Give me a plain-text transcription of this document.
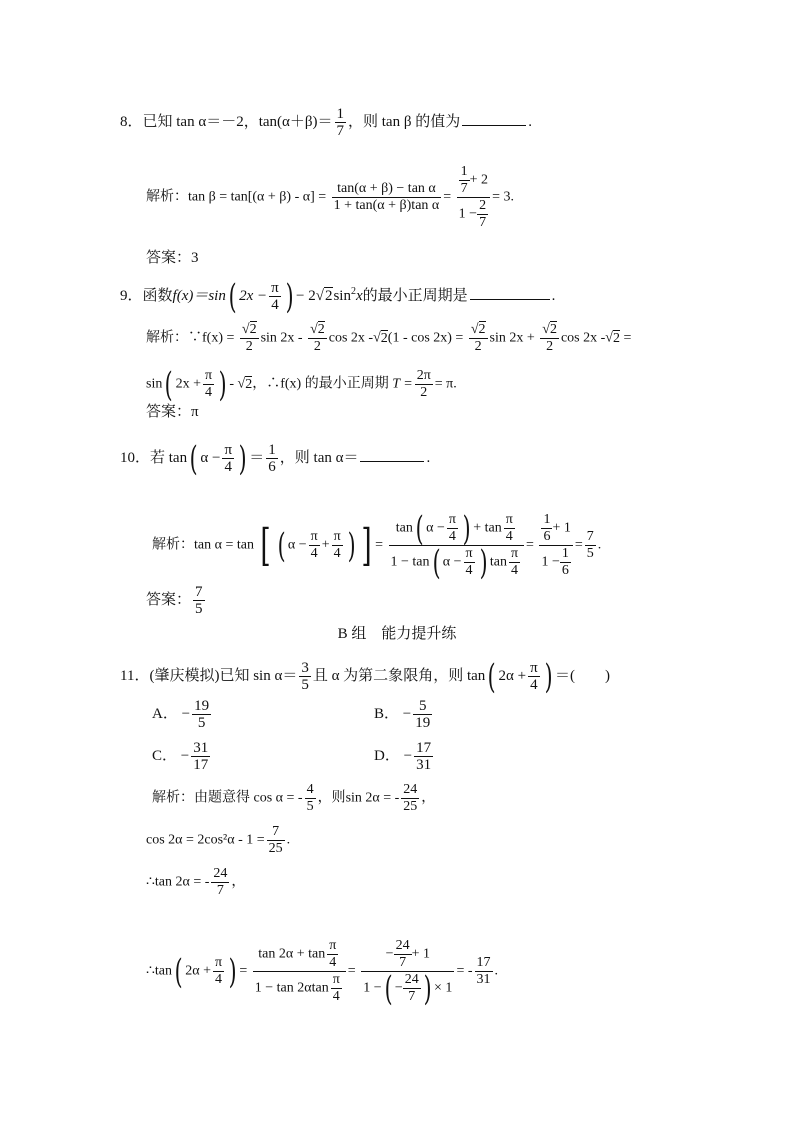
8．已知 tan α＝－2，$\tan(\alpha+\beta)= \frac{1}{7}$ ，则 tan β 的值为	.
解析：$\tan \beta = \tan[(\alpha + \beta) - \alpha] = \frac{\text{tan(α + β) − tan α}}{\text{1 + tan(α + β)tan α}} = \frac{\frac{1}{7} + 2}{1 - \frac{2}{7}} = 3$.
答案：3
9．函数f(x)＝sin( $2x - \frac{\pi}{4}$ ) − $2√2\sin^2x$的最小正周期是	.
解析：∵f(x) = $\frac{√2}{2}$ $\sin 2x - \frac{√2}{2}$ cos 2x $-√2(1 - \cos 2x) = \frac{√2}{2}$ $\sin 2x + \frac{√2}{2}$ cos 2x -√2 =
sin( $2x + \frac{\pi}{4}$ ) - √2，∴f(x) 的最小正周期 $T = \frac{2\pi}{2} = \pi$.
答案：π
10．若 tan( $\alpha - \frac{\pi}{4}$ ) ＝ $\frac{1}{6}$ ，则 tan α＝	.
解析：tan α = tan [ ( $\alpha - \frac{\pi}{4} + \frac{\pi}{4}$ ) ] = $\frac{\tan( \alpha - \frac{\pi}{4} ) + \tan \frac{\pi}{4}}{1 - \tan( \alpha - \frac{\pi}{4} ) \tan \frac{\pi}{4}} = \frac{\frac{1}{6} + 1}{1 - \frac{1}{6}} = \frac{7}{5}$ .
答案： $\frac{7}{5}$
B 组　能力提升练
11．(肇庆模拟)已知 $\sin \alpha= \frac{3}{5}$ 且 α 为第二象限角，则 tan( $2\alpha + \frac{\pi}{4}$ ) ＝(　　)
A． − $\frac{19}{5}$	B． − $\frac{5}{19}$
C． − $\frac{31}{17}$	D． − $\frac{17}{31}$
解析：由题意得 cos α = - $\frac{4}{5}$ ，则sin 2α = - $\frac{24}{25}$ ，
$\cos 2\alpha = 2\cos^2\alpha - 1 = \frac{7}{25}$ .
∴tan 2α = - $\frac{24}{7}$ ，
∴tan( $2\alpha + \frac{\pi}{4}$ ) = $\frac{\tan 2\alpha + \tan \frac{\pi}{4}}{1 - \tan 2\alpha\tan \frac{\pi}{4}} = \frac{- \frac{24}{7} + 1}{1 -( - \frac{24}{7} ) \times 1}$ = - $\frac{17}{31}$ .
